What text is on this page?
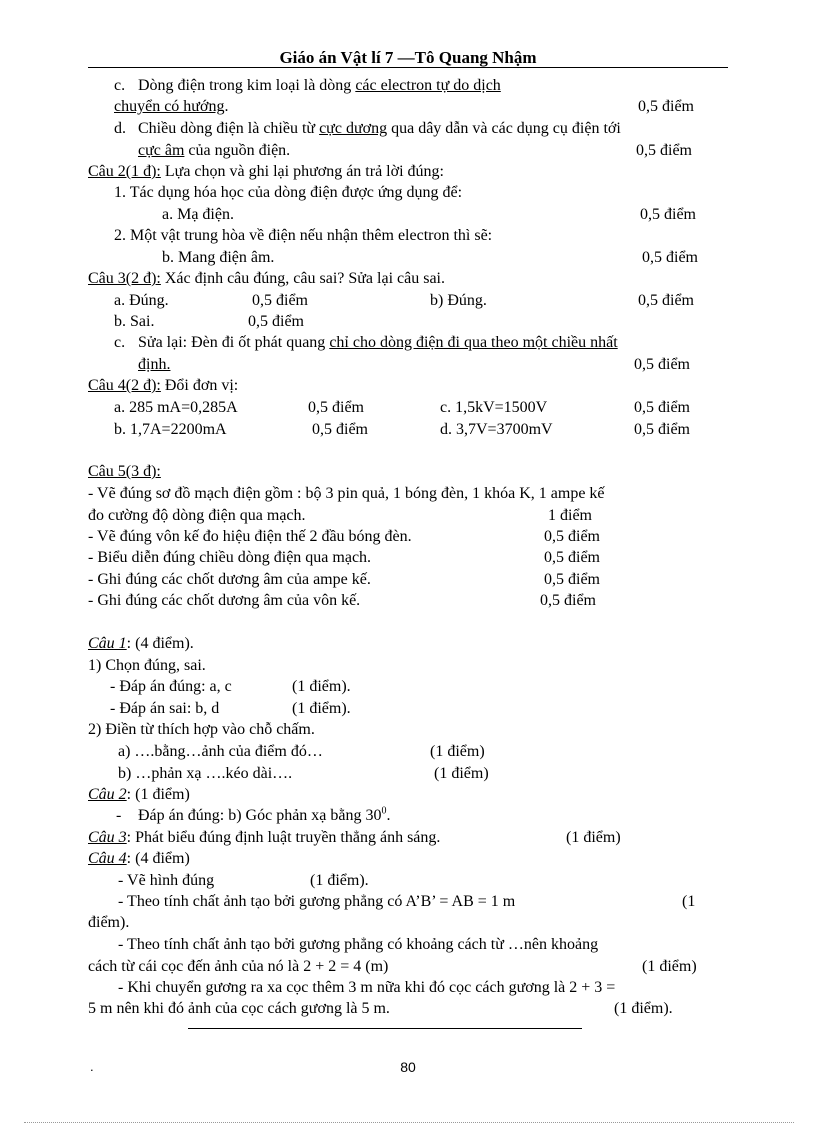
Giáo án Vật lí 7 —Tô Quang Nhậm
c. Dòng điện trong kim loại là dòng các electron tự do dịch
chuyển có hướng.	0,5 điểm
d. Chiều dòng điện là chiều từ cực dương qua dây dẫn và các dụng cụ điện tới
cực âm của nguồn điện.	0,5 điểm
Câu 2(1 đ): Lựa chọn và ghi lại phương án trả lời đúng:
1. Tác dụng hóa học của dòng điện được ứng dụng để:
a. Mạ điện.	0,5 điểm
2. Một vật trung hòa về điện nếu nhận thêm electron thì sẽ:
b. Mang điện âm.	0,5 điểm
Câu 3(2 đ): Xác định câu đúng, câu sai? Sửa lại câu sai.
a. Đúng.	0,5 điểm	b) Đúng.	0,5 điểm
b. Sai.	0,5 điểm
c. Sửa lại: Đèn đi ốt phát quang chỉ cho dòng điện đi qua theo một chiều nhất
định.	0,5 điểm
Câu 4(2 đ): Đổi đơn vị:
a. 285 mA=0,285A	0,5 điểm	c. 1,5kV=1500V	0,5 điểm
b. 1,7A=2200mA	0,5 điểm	d. 3,7V=3700mV	0,5 điểm
Câu 5(3 đ):
- Vẽ đúng sơ đồ mạch điện gồm : bộ 3 pin quả, 1 bóng đèn, 1 khóa K, 1 ampe kế
đo cường độ dòng điện qua mạch.	1 điểm
- Vẽ đúng vôn kế đo hiệu điện thế 2 đầu bóng đèn.	0,5 điểm
- Biểu diễn đúng chiều dòng điện qua mạch.	0,5 điểm
- Ghi đúng các chốt dương âm của ampe kế.	0,5 điểm
- Ghi đúng các chốt dương âm của vôn kế.	0,5 điểm
Câu 1: (4 điểm).
1) Chọn đúng, sai.
- Đáp án đúng: a, c	(1 điểm).
- Đáp án sai: b, d	(1 điểm).
2) Điền từ thích hợp vào chỗ chấm.
a) ….bằng…ảnh của điểm đó…	(1 điểm)
b) …phản xạ ….kéo dài….	(1 điểm)
Câu 2: (1 điểm)
- Đáp án đúng: b) Góc phản xạ bằng $30^0$.
Câu 3: Phát biểu đúng định luật truyền thẳng ánh sáng.	(1 điểm)
Câu 4: (4 điểm)
- Vẽ hình đúng	(1 điểm).
- Theo tính chất ảnh tạo bởi gương phẳng có A’B’ = AB = 1 m	(1
điểm).
- Theo tính chất ảnh tạo bởi gương phẳng có khoảng cách từ …nên khoảng
cách từ cái cọc đến ảnh của nó là 2 + 2 = 4 (m)	(1 điểm)
- Khi chuyển gương ra xa cọc thêm 3 m nữa khi đó cọc cách gương là 2 + 3 =
5 m nên khi đó ảnh của cọc cách gương là 5 m.	(1 điểm).
.	80
